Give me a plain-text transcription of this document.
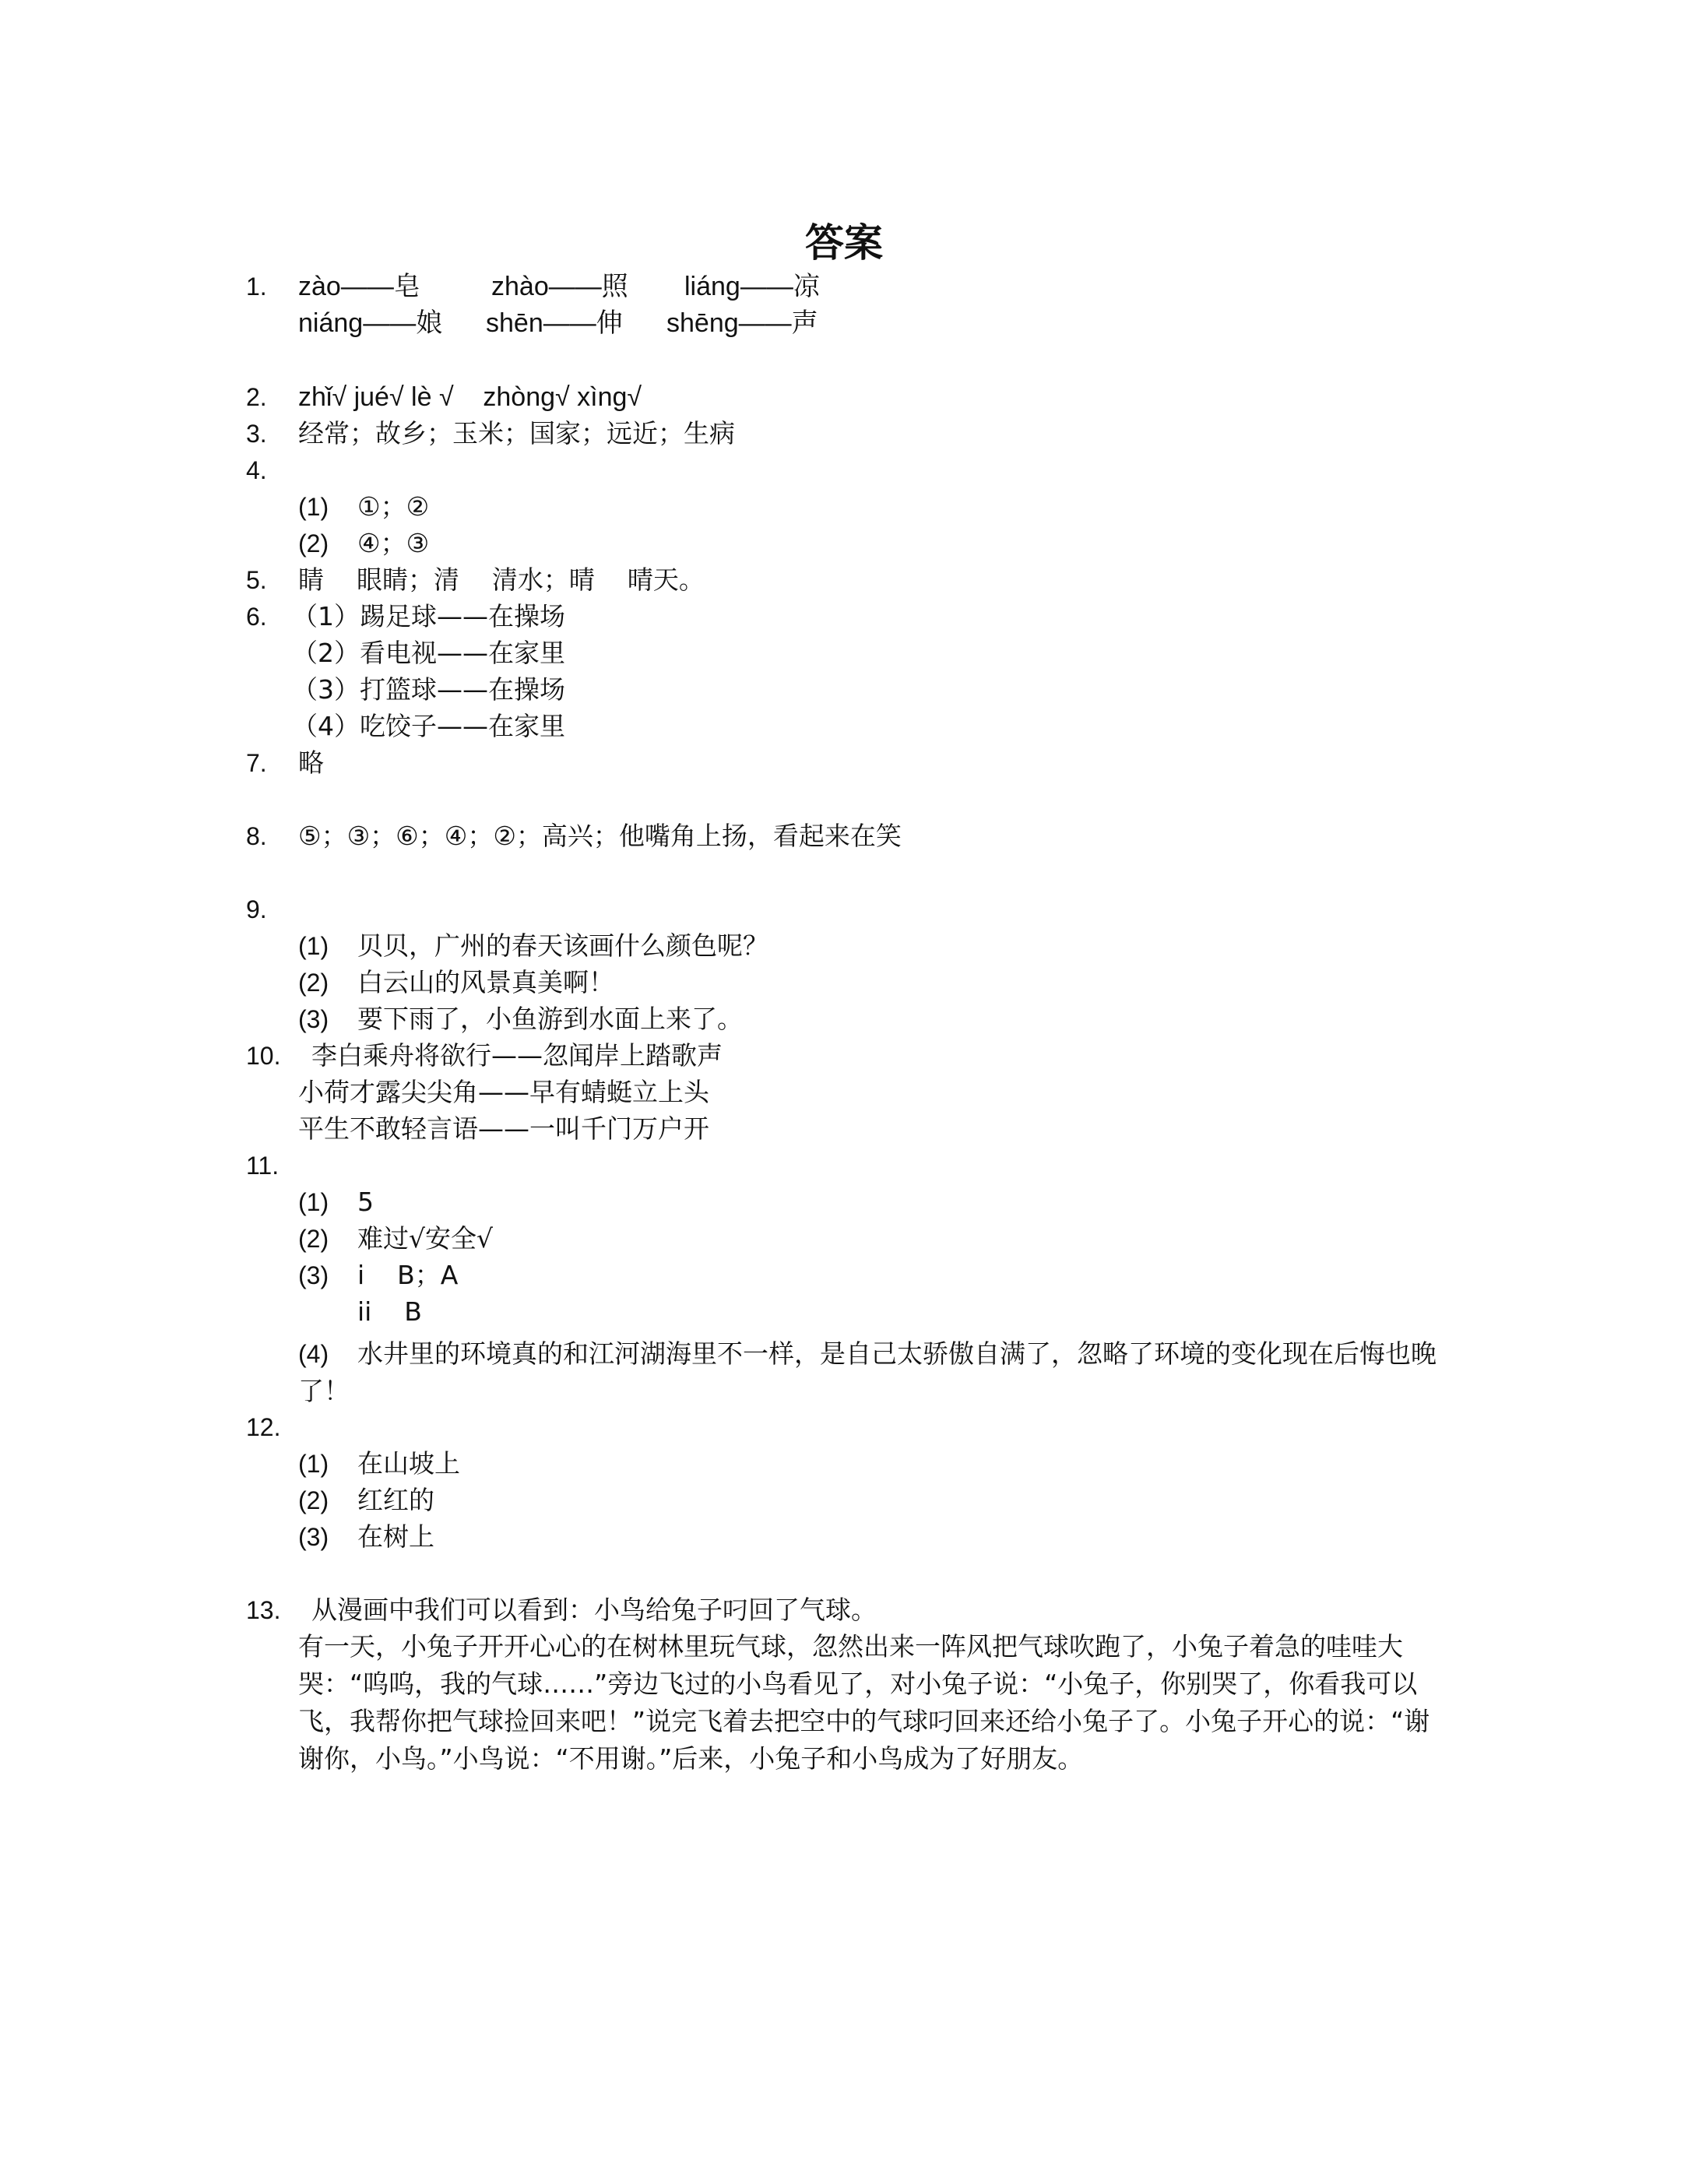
答案
1. zào——皂	zhào——照 liáng——凉
niáng——娘 shēn——伸 shēng——声
2. zhǐ√ jué√ lè √    zhòng√ xìng√
3. 经常；故乡；玉米；国家；远近；生病
4.
(1) ①；②
(2) ④；③
5. 睛    眼睛；清    清水；晴    晴天。
6. （1）踢足球——在操场
（2）看电视——在家里
（3）打篮球——在操场
（4）吃饺子——在家里
7. 略
8. ⑤；③；⑥；④；②；高兴；他嘴角上扬，看起来在笑
9.
(1) 贝贝，广州的春天该画什么颜色呢？
(2) 白云山的风景真美啊！
(3) 要下雨了，小鱼游到水面上来了。
10. 李白乘舟将欲行——忽闻岸上踏歌声
小荷才露尖尖角——早有蜻蜓立上头
平生不敢轻言语——一叫千门万户开
11.
(1) 5
(2) 难过√安全√
(3) i    B；A
ii    B
(4)	水井里的环境真的和江河湖海里不一样，是自己太骄傲自满了，忽略了环境的变化现在后悔也晚了！
12.
(1) 在山坡上
(2) 红红的
(3) 在树上
13. 从漫画中我们可以看到：小鸟给兔子叼回了气球。
有一天，小兔子开开心心的在树林里玩气球，忽然出来一阵风把气球吹跑了，小兔子着急的哇哇大哭：“呜呜，我的气球……”旁边飞过的小鸟看见了，对小兔子说：“小兔子，你别哭了，你看我可以飞，我帮你把气球捡回来吧！”说完飞着去把空中的气球叼回来还给小兔子了。小兔子开心的说：“谢谢你，小鸟。”小鸟说：“不用谢。”后来，小兔子和小鸟成为了好朋友。
